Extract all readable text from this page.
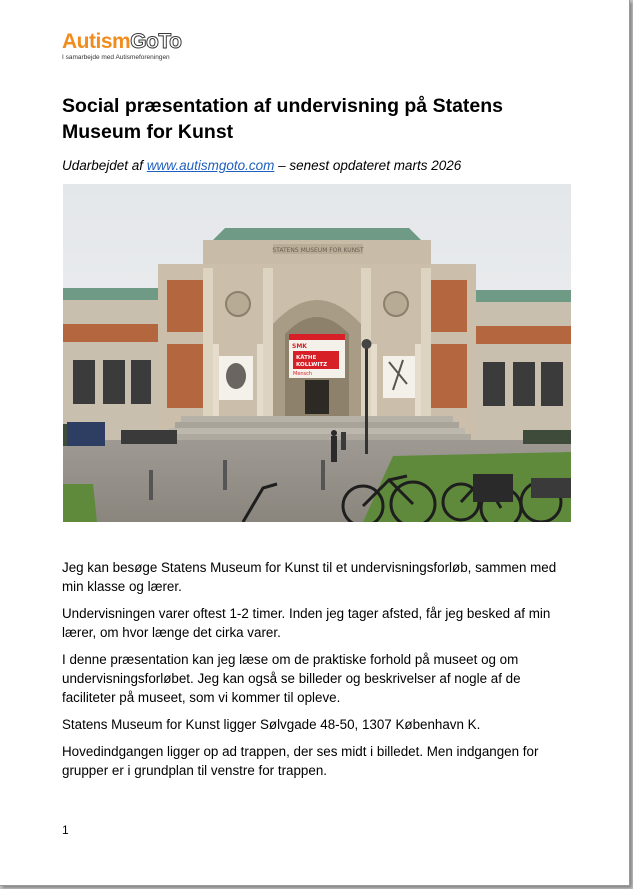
AutismGoTo
I samarbejde med Autismeforeningen
Social præsentation af undervisning på Statens Museum for Kunst
Udarbejdet af www.autismgoto.com – senest opdateret marts 2026
STATENS MUSEUM FOR KUNST
SMK
KÄTHE
KOLLWITZ
Mensch

Jeg kan besøge Statens Museum for Kunst til et undervisningsforløb, sammen med min klasse og lærer.

Undervisningen varer oftest 1-2 timer. Inden jeg tager afsted, får jeg besked af min lærer, om hvor længe det cirka varer.

I denne præsentation kan jeg læse om de praktiske forhold på museet og om undervisningsforløbet. Jeg kan også se billeder og beskrivelser af nogle af de faciliteter på museet, som vi kommer til opleve.

Statens Museum for Kunst ligger Sølvgade 48-50, 1307 København K.

Hovedindgangen ligger op ad trappen, der ses midt i billedet. Men indgangen for grupper er i grundplan til venstre for trappen.

1
